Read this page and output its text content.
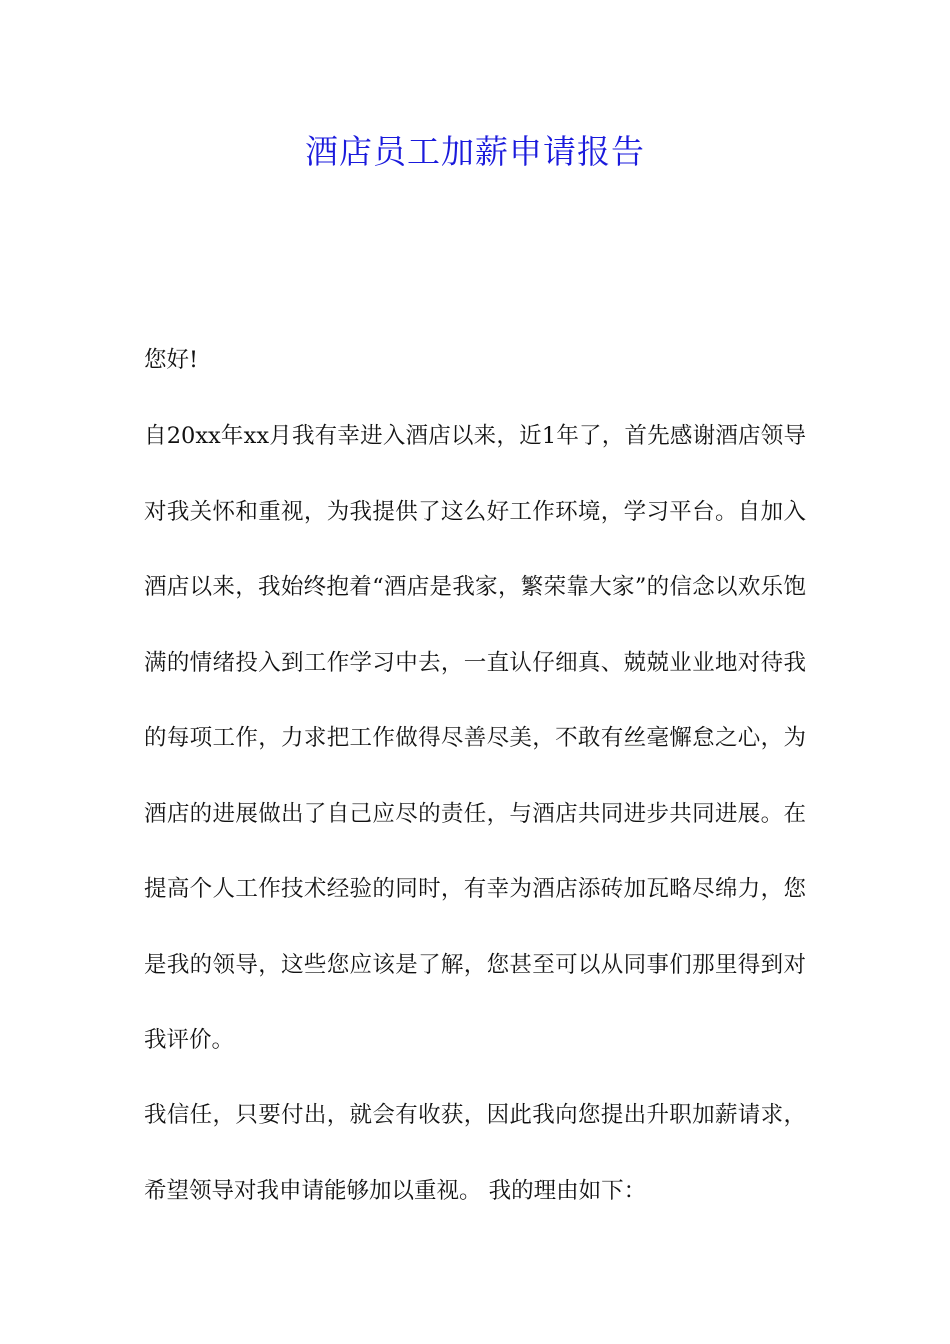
酒店员工加薪申请报告

您好!

自20xx年xx月我有幸进入酒店以来，近1年了，首先感谢酒店领导对我关怀和重视，为我提供了这么好工作环境，学习平台。自加入酒店以来，我始终抱着“酒店是我家，繁荣靠大家”的信念以欢乐饱满的情绪投入到工作学习中去，一直认仔细真、兢兢业业地对待我的每项工作，力求把工作做得尽善尽美，不敢有丝毫懈怠之心，为酒店的进展做出了自己应尽的责任，与酒店共同进步共同进展。在提高个人工作技术经验的同时，有幸为酒店添砖加瓦略尽绵力，您是我的领导，这些您应该是了解，您甚至可以从同事们那里得到对我评价。

我信任，只要付出，就会有收获，因此我向您提出升职加薪请求，希望领导对我申请能够加以重视。 我的理由如下：
